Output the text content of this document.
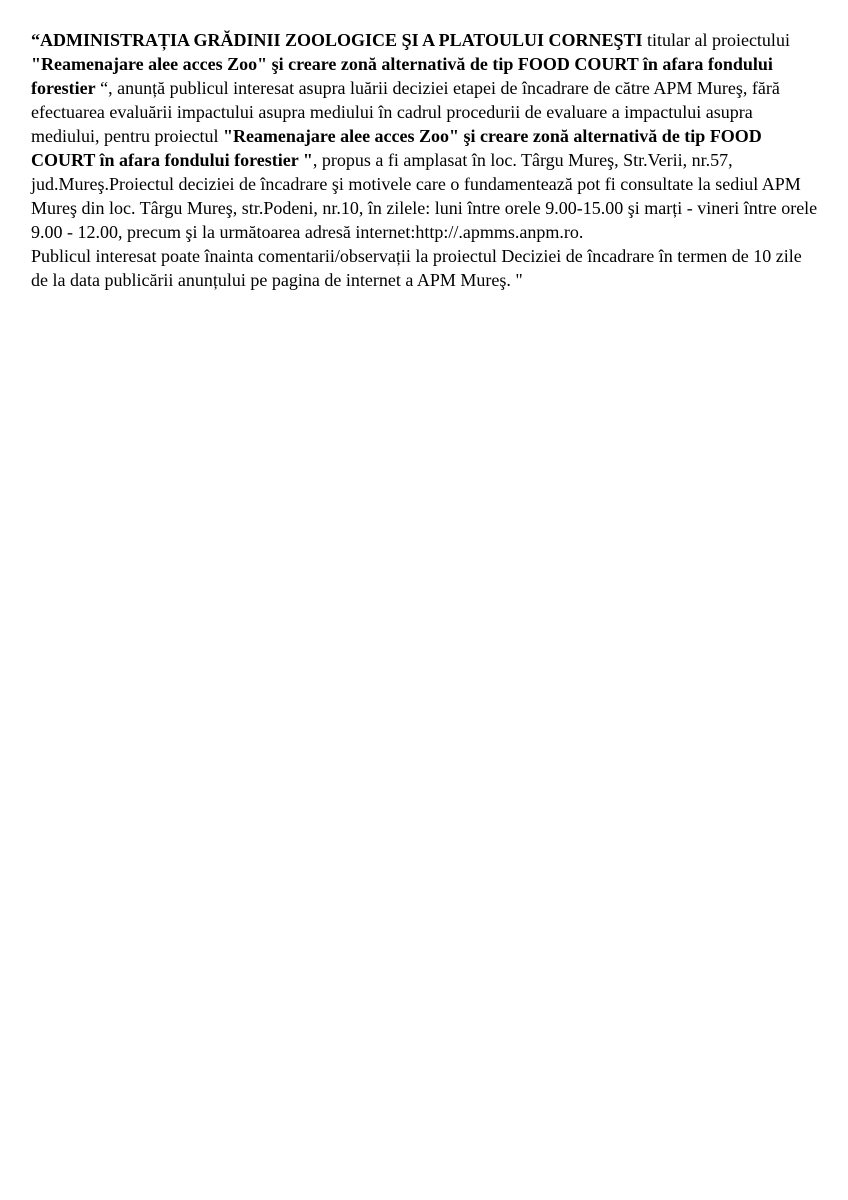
“ADMINISTRAȚIA GRĂDINII ZOOLOGICE ŞI A PLATOULUI CORNEŞTI titular al proiectului "Reamenajare alee acces Zoo" şi creare zonă alternativă de tip FOOD COURT în afara fondului forestier “, anunță publicul interesat asupra luării deciziei etapei de încadrare de către APM Mureş, fără efectuarea evaluării impactului asupra mediului în cadrul procedurii de evaluare a impactului asupra mediului, pentru proiectul "Reamenajare alee acces Zoo" şi creare zonă alternativă de tip FOOD COURT în afara fondului forestier ", propus a fi amplasat în loc. Târgu Mureş, Str.Verii, nr.57, jud.Mureş.Proiectul deciziei de încadrare şi motivele care o fundamentează pot fi consultate la sediul APM Mureş din loc. Târgu Mureş, str.Podeni, nr.10, în zilele: luni între orele 9.00-15.00 şi marți - vineri între orele 9.00 - 12.00, precum şi la următoarea adresă internet:http://.apmms.anpm.ro.

Publicul interesat poate înainta comentarii/observații la proiectul Deciziei de încadrare în termen de 10 zile de la data publicării anunțului pe pagina de internet a APM Mureş. "
